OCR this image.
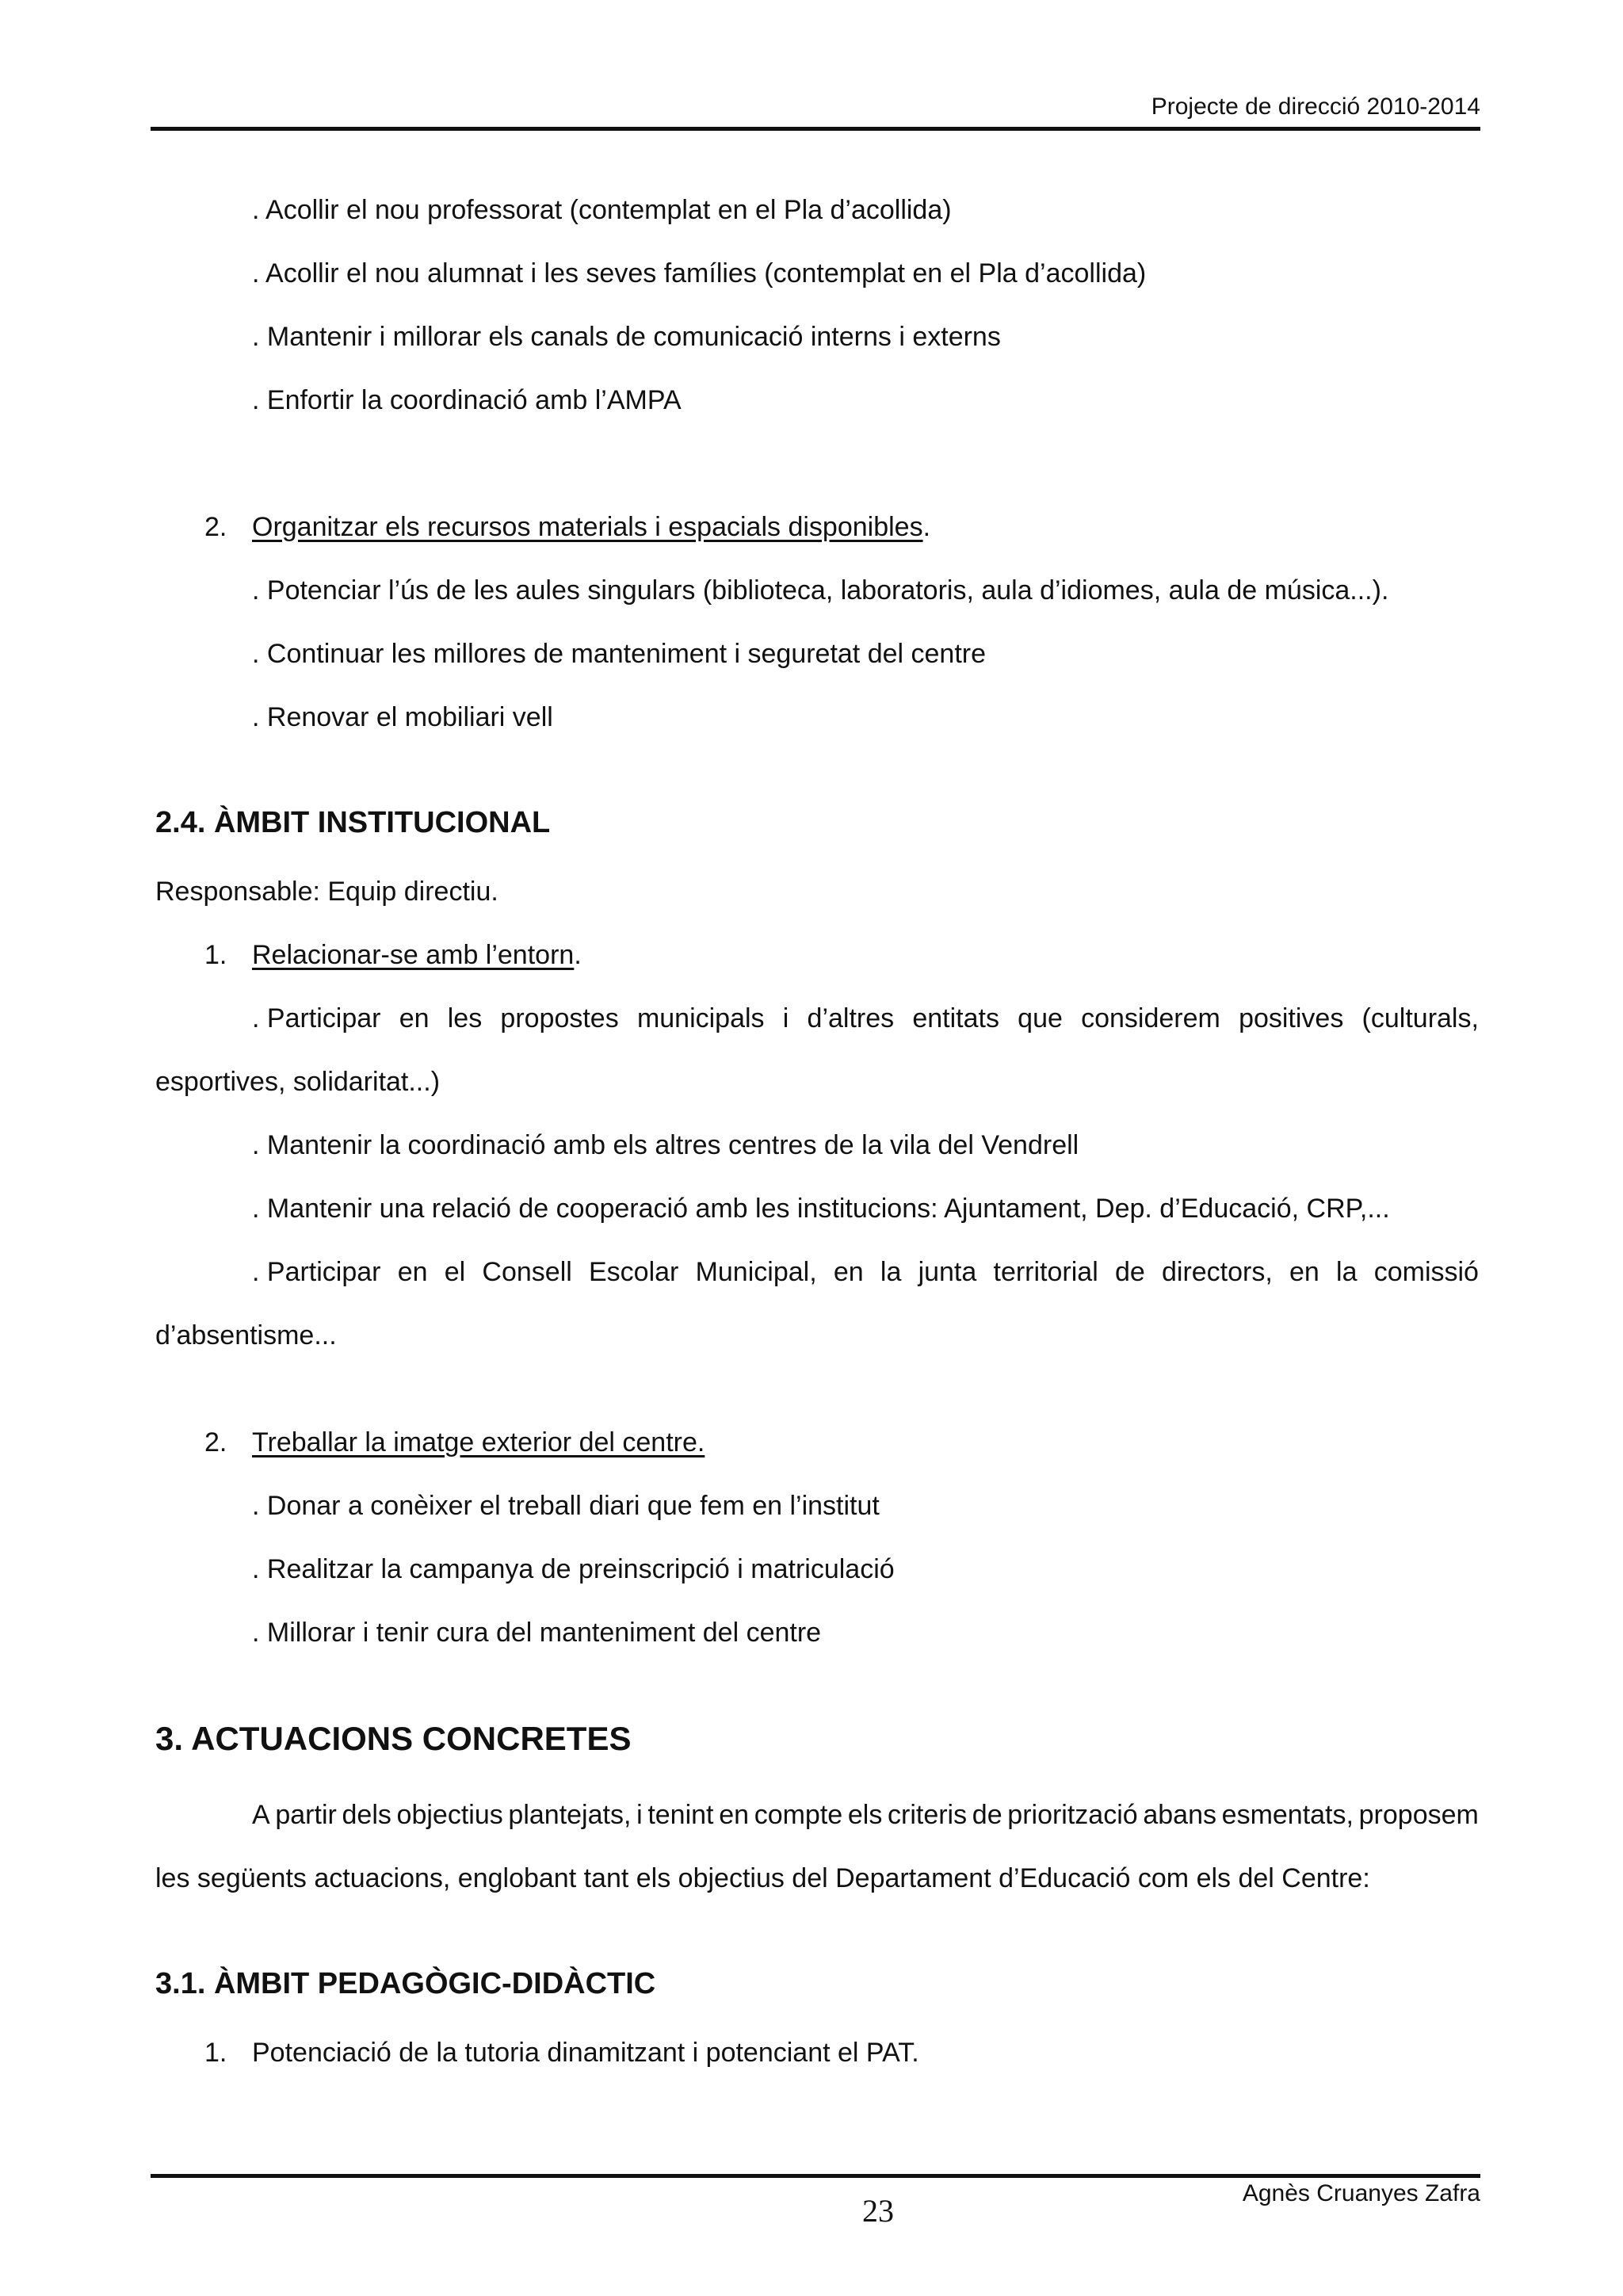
Projecte de direcció 2010-2014
. Acollir el nou professorat (contemplat en el Pla d’acollida)
. Acollir el nou alumnat i les seves famílies (contemplat en el Pla d’acollida)
. Mantenir i millorar els canals de comunicació interns i externs
. Enfortir la coordinació amb l’AMPA
2. Organitzar els recursos materials i espacials disponibles.
. Potenciar l’ús de les aules singulars (biblioteca, laboratoris, aula d’idiomes, aula de música...).
. Continuar les millores de manteniment i seguretat del centre
. Renovar el mobiliari vell
2.4. ÀMBIT INSTITUCIONAL
Responsable: Equip directiu.
1. Relacionar-se amb l’entorn.
. Participar en les propostes municipals i d’altres entitats que considerem positives (culturals,
esportives, solidaritat...)
. Mantenir la coordinació amb els altres centres de la vila del Vendrell
. Mantenir una relació de cooperació amb les institucions: Ajuntament, Dep. d’Educació, CRP,...
. Participar en el Consell Escolar Municipal, en la junta territorial de directors, en la comissió
d’absentisme...
2. Treballar la imatge exterior del centre.
. Donar a conèixer el treball diari que fem en l’institut
. Realitzar la campanya de preinscripció i matriculació
. Millorar i tenir cura del manteniment del centre
3. ACTUACIONS CONCRETES
A partir dels objectius plantejats, i tenint en compte els criteris de priorització abans esmentats, proposem
les següents actuacions, englobant tant els objectius del Departament d’Educació com els del Centre:
3.1. ÀMBIT PEDAGÒGIC-DIDÀCTIC
1. Potenciació de la tutoria dinamitzant i potenciant el PAT.
Agnès Cruanyes Zafra
23
